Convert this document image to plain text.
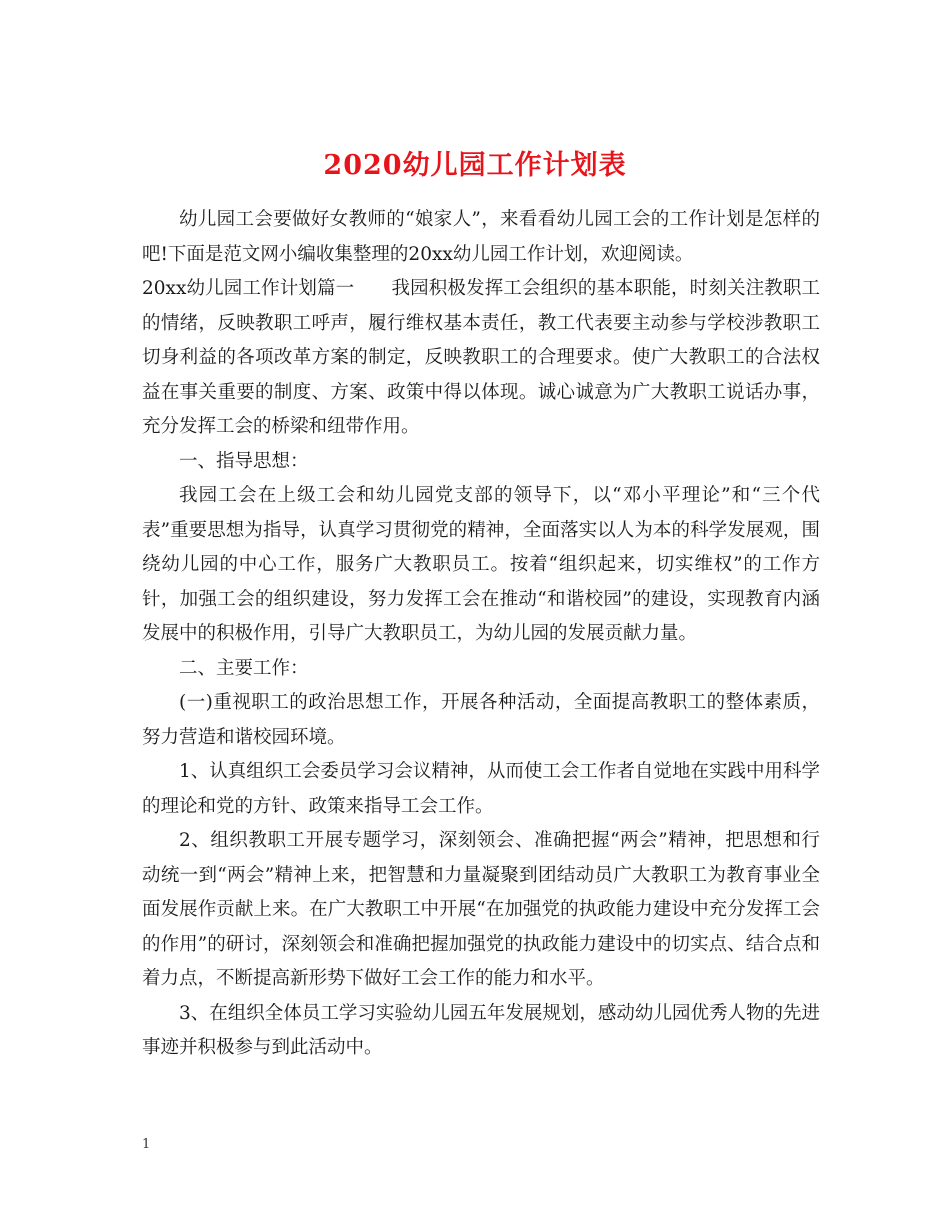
2020幼儿园工作计划表

幼儿园工会要做好女教师的“娘家人”，来看看幼儿园工会的工作计划是怎样的吧!下面是范文网小编收集整理的20xx幼儿园工作计划，欢迎阅读。

20xx幼儿园工作计划篇一　　我园积极发挥工会组织的基本职能，时刻关注教职工的情绪，反映教职工呼声，履行维权基本责任，教工代表要主动参与学校涉教职工切身利益的各项改革方案的制定，反映教职工的合理要求。使广大教职工的合法权益在事关重要的制度、方案、政策中得以体现。诚心诚意为广大教职工说话办事，充分发挥工会的桥梁和纽带作用。

一、指导思想：

我园工会在上级工会和幼儿园党支部的领导下，以“邓小平理论”和“三个代表”重要思想为指导，认真学习贯彻党的精神，全面落实以人为本的科学发展观，围绕幼儿园的中心工作，服务广大教职员工。按着“组织起来，切实维权”的工作方针，加强工会的组织建设，努力发挥工会在推动“和谐校园”的建设，实现教育内涵发展中的积极作用，引导广大教职员工，为幼儿园的发展贡献力量。

二、主要工作：

(一)重视职工的政治思想工作，开展各种活动，全面提高教职工的整体素质，努力营造和谐校园环境。

1、认真组织工会委员学习会议精神，从而使工会工作者自觉地在实践中用科学的理论和党的方针、政策来指导工会工作。

2、组织教职工开展专题学习，深刻领会、准确把握“两会”精神，把思想和行动统一到“两会”精神上来，把智慧和力量凝聚到团结动员广大教职工为教育事业全面发展作贡献上来。在广大教职工中开展“在加强党的执政能力建设中充分发挥工会的作用”的研讨，深刻领会和准确把握加强党的执政能力建设中的切实点、结合点和着力点，不断提高新形势下做好工会工作的能力和水平。

3、在组织全体员工学习实验幼儿园五年发展规划，感动幼儿园优秀人物的先进事迹并积极参与到此活动中。

1
